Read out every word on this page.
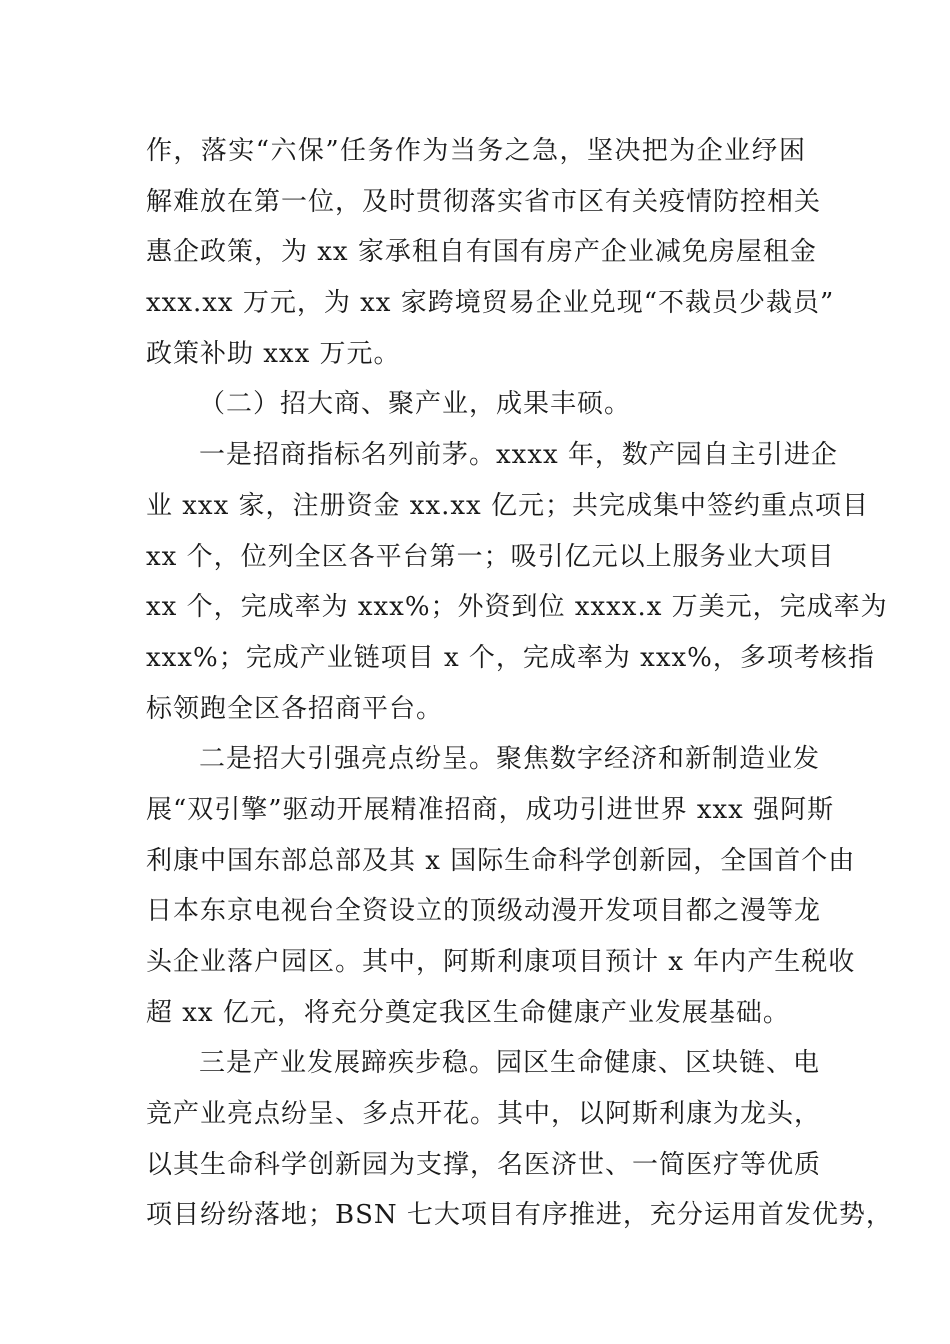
作，落实“六保”任务作为当务之急，坚决把为企业纾困
解难放在第一位，及时贯彻落实省市区有关疫情防控相关
惠企政策，为 xx 家承租自有国有房产企业减免房屋租金
xxx.xx 万元，为 xx 家跨境贸易企业兑现“不裁员少裁员”
政策补助 xxx 万元。
（二）招大商、聚产业，成果丰硕。
一是招商指标名列前茅。xxxx 年，数产园自主引进企
业 xxx 家，注册资金 xx.xx 亿元；共完成集中签约重点项目
xx 个，位列全区各平台第一；吸引亿元以上服务业大项目
xx 个，完成率为 xxx%；外资到位 xxxx.x 万美元，完成率为
xxx%；完成产业链项目 x 个，完成率为 xxx%，多项考核指
标领跑全区各招商平台。
二是招大引强亮点纷呈。聚焦数字经济和新制造业发
展“双引擎”驱动开展精准招商，成功引进世界 xxx 强阿斯
利康中国东部总部及其 x 国际生命科学创新园，全国首个由
日本东京电视台全资设立的顶级动漫开发项目都之漫等龙
头企业落户园区。其中，阿斯利康项目预计 x 年内产生税收
超 xx 亿元，将充分奠定我区生命健康产业发展基础。
三是产业发展蹄疾步稳。园区生命健康、区块链、电
竞产业亮点纷呈、多点开花。其中，以阿斯利康为龙头，
以其生命科学创新园为支撑，名医济世、一简医疗等优质
项目纷纷落地；BSN 七大项目有序推进，充分运用首发优势，
